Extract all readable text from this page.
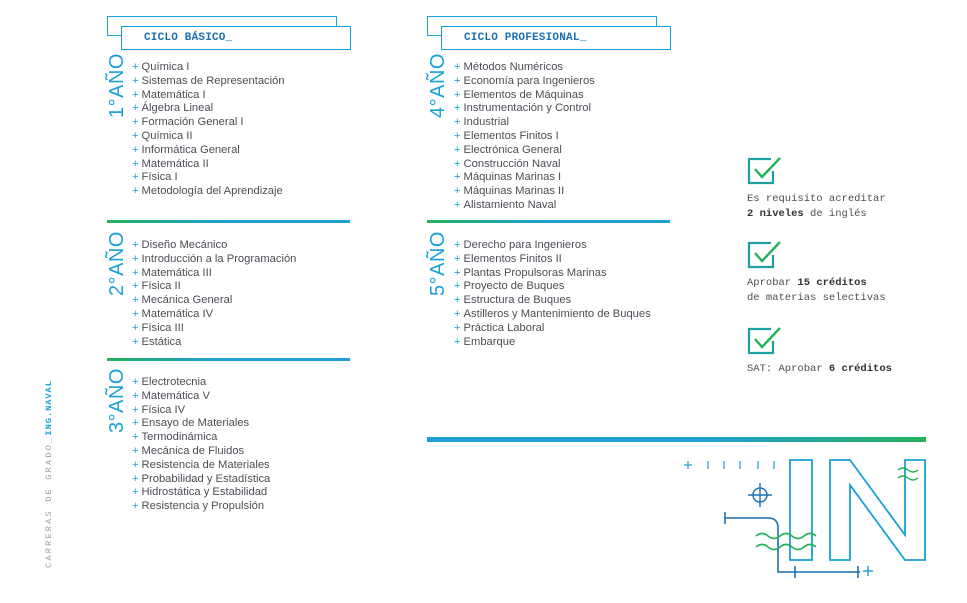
CICLO BÁSICO_	CICLO PROFESIONAL_
1°AÑO + Química I
+ Sistemas de Representación
+ Matemática I
+ Álgebra Lineal
+ Formación General I
+ Química II
+ Informática General
+ Matemática II
+ Física I
+ Metodología del Aprendizaje
2°AÑO + Diseño Mecánico
+ Introducción a la Programación
+ Matemática III
+ Física II
+ Mecánica General
+ Matemática IV
+ Física III
+ Estática
3°AÑO + Electrotecnia
+ Matemática V
+ Física IV
+ Ensayo de Materiales
+ Termodinámica
+ Mecánica de Fluidos
+ Resistencia de Materiales
+ Probabilidad y Estadística
+ Hidrostática y Estabilidad
+ Resistencia y Propulsión
4°AÑO + Métodos Numéricos
+ Economía para Ingenieros
+ Elementos de Máquinas
+ Instrumentación y Control
+ Industrial
+ Elementos Finitos I
+ Electrónica General
+ Construcción Naval
+ Máquinas Marinas I
+ Máquinas Marinas II
+ Alistamiento Naval
5°AÑO + Derecho para Ingenieros
+ Elementos Finitos II
+ Plantas Propulsoras Marinas
+ Proyecto de Buques
+ Estructura de Buques
+ Astilleros y Mantenimiento de Buques
+ Práctica Laboral
+ Embarque
Es requisito acreditar
2 niveles de inglés
Aprobar 15 créditos
de materias selectivas
SAT: Aprobar 6 créditos
CARRERAS DE GRADO_ING.NAVAL
